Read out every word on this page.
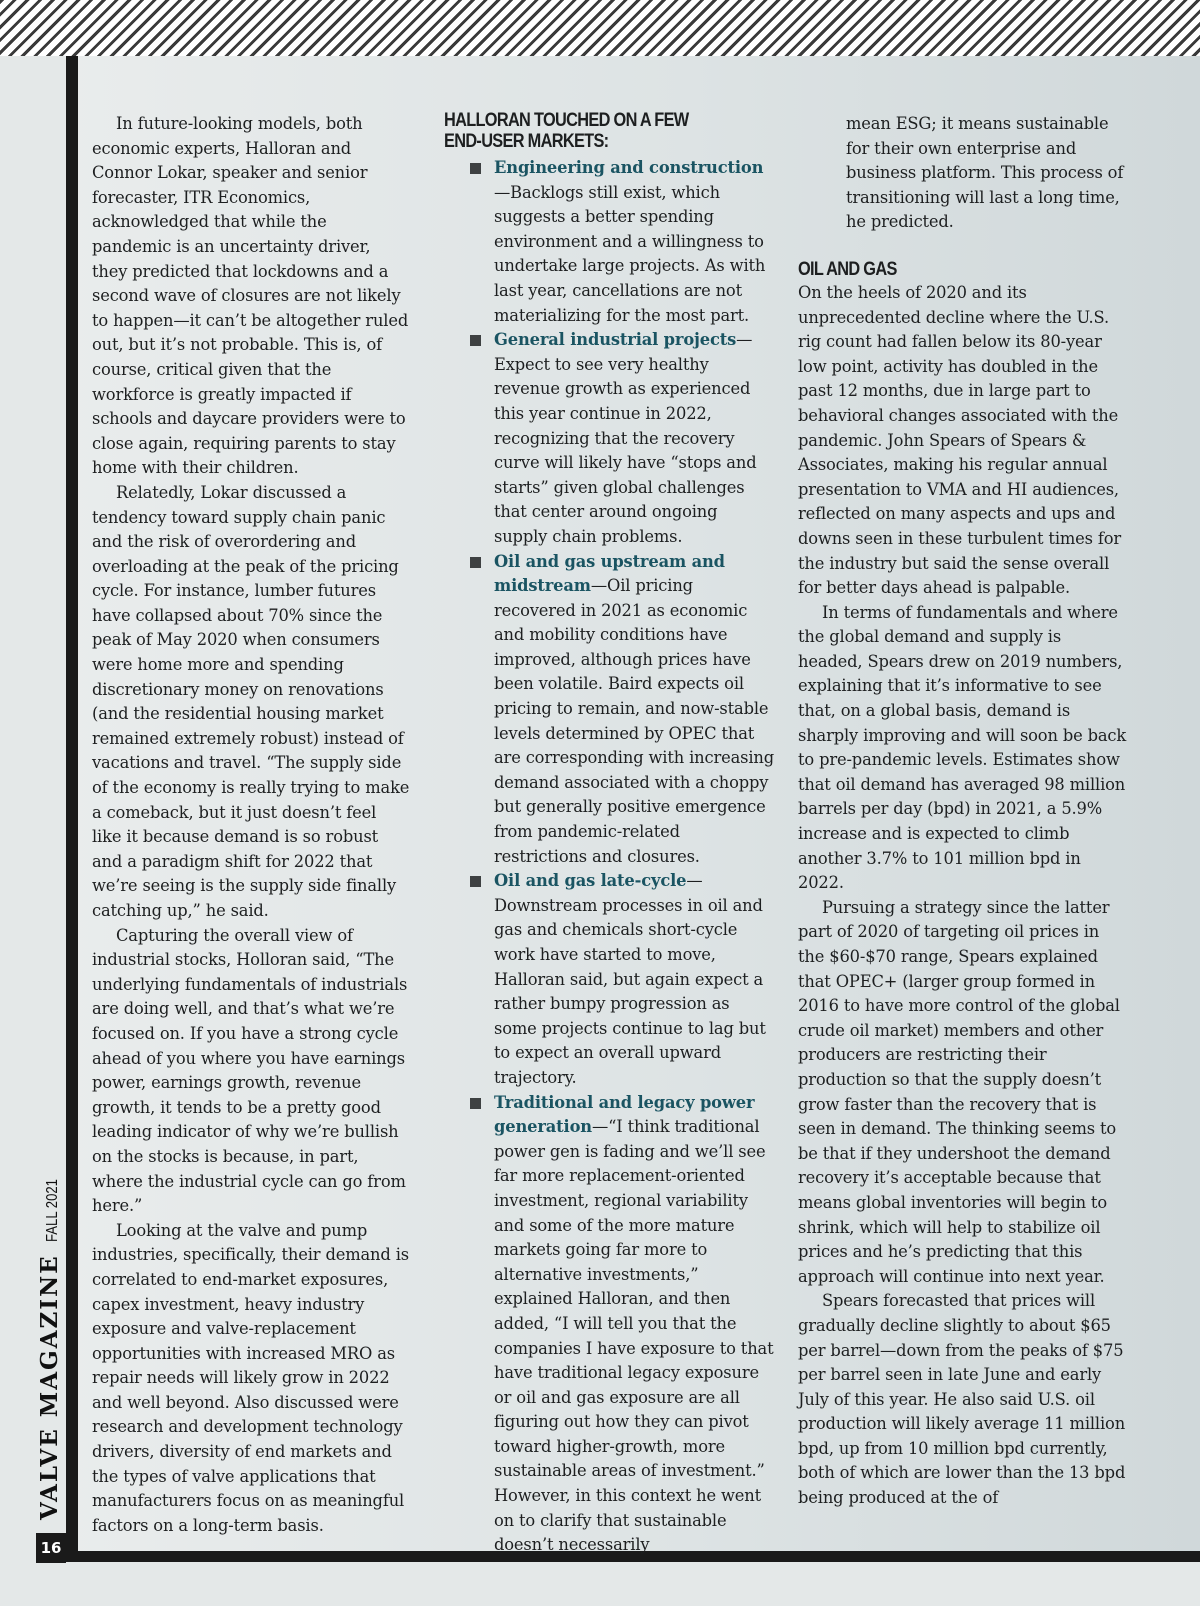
VALVE MAGAZINE
FALL 2021
16

In future-looking models, both economic experts, Halloran and Connor Lokar, speaker and senior forecaster, ITR Economics, acknowledged that while the pandemic is an uncertainty driver, they predicted that lockdowns and a second wave of closures are not likely to happen—it can’t be altogether ruled out, but it’s not probable. This is, of course, critical given that the workforce is greatly impacted if schools and daycare providers were to close again, requiring parents to stay home with their children.

Relatedly, Lokar discussed a tendency toward supply chain panic and the risk of overordering and overloading at the peak of the pricing cycle. For instance, lumber futures have collapsed about 70% since the peak of May 2020 when consumers were home more and spending discretionary money on renovations (and the residential housing market remained extremely robust) instead of vacations and travel. “The supply side of the economy is really trying to make a comeback, but it just doesn’t feel like it because demand is so robust and a paradigm shift for 2022 that we’re seeing is the supply side finally catching up,” he said.

Capturing the overall view of industrial stocks, Holloran said, “The underlying fundamentals of industrials are doing well, and that’s what we’re focused on. If you have a strong cycle ahead of you where you have earnings power, earnings growth, revenue growth, it tends to be a pretty good leading indicator of why we’re bullish on the stocks is because, in part, where the industrial cycle can go from here.”

Looking at the valve and pump industries, specifically, their demand is correlated to end-market exposures, capex investment, heavy industry exposure and valve-replacement opportunities with increased MRO as repair needs will likely grow in 2022 and well beyond. Also discussed were research and development technology drivers, diversity of end markets and the types of valve applications that manufacturers focus on as meaningful factors on a long-term basis.

HALLORAN TOUCHED ON A FEW
END-USER MARKETS:
Engineering and construction—Backlogs still exist, which suggests a better spending environment and a willingness to undertake large projects. As with last year, cancellations are not materializing for the most part.
General industrial projects—Expect to see very healthy revenue growth as experienced this year continue in 2022, recognizing that the recovery curve will likely have “stops and starts” given global challenges that center around ongoing supply chain problems.
Oil and gas upstream and midstream—Oil pricing recovered in 2021 as economic and mobility conditions have improved, although prices have been volatile. Baird expects oil pricing to remain, and now-stable levels determined by OPEC that are corresponding with increasing demand associated with a choppy but generally positive emergence from pandemic-related restrictions and closures.
Oil and gas late-cycle—Downstream processes in oil and gas and chemicals short-cycle work have started to move, Halloran said, but again expect a rather bumpy progression as some projects continue to lag but to expect an overall upward trajectory.
Traditional and legacy power generation—“I think traditional power gen is fading and we’ll see far more replacement-oriented investment, regional variability and some of the more mature markets going far more to alternative investments,” explained Halloran, and then added, “I will tell you that the companies I have exposure to that have traditional legacy exposure or oil and gas exposure are all figuring out how they can pivot toward higher-growth, more sustainable areas of investment.” However, in this context he went on to clarify that sustainable doesn’t necessarily

mean ESG; it means sustainable for their own enterprise and business platform. This process of transitioning will last a long time, he predicted.

OIL AND GAS

On the heels of 2020 and its unprecedented decline where the U.S. rig count had fallen below its 80-year low point, activity has doubled in the past 12 months, due in large part to behavioral changes associated with the pandemic. John Spears of Spears & Associates, making his regular annual presentation to VMA and HI audiences, reflected on many aspects and ups and downs seen in these turbulent times for the industry but said the sense overall for better days ahead is palpable.

In terms of fundamentals and where the global demand and supply is headed, Spears drew on 2019 numbers, explaining that it’s informative to see that, on a global basis, demand is sharply improving and will soon be back to pre-pandemic levels. Estimates show that oil demand has averaged 98 million barrels per day (bpd) in 2021, a 5.9% increase and is expected to climb another 3.7% to 101 million bpd in 2022.

Pursuing a strategy since the latter part of 2020 of targeting oil prices in the $60-$70 range, Spears explained that OPEC+ (larger group formed in 2016 to have more control of the global crude oil market) members and other producers are restricting their production so that the supply doesn’t grow faster than the recovery that is seen in demand. The thinking seems to be that if they undershoot the demand recovery it’s acceptable because that means global inventories will begin to shrink, which will help to stabilize oil prices and he’s predicting that this approach will continue into next year.

Spears forecasted that prices will gradually decline slightly to about $65 per barrel—down from the peaks of $75 per barrel seen in late June and early July of this year. He also said U.S. oil production will likely average 11 million bpd, up from 10 million bpd currently, both of which are lower than the 13 bpd being produced at the of
